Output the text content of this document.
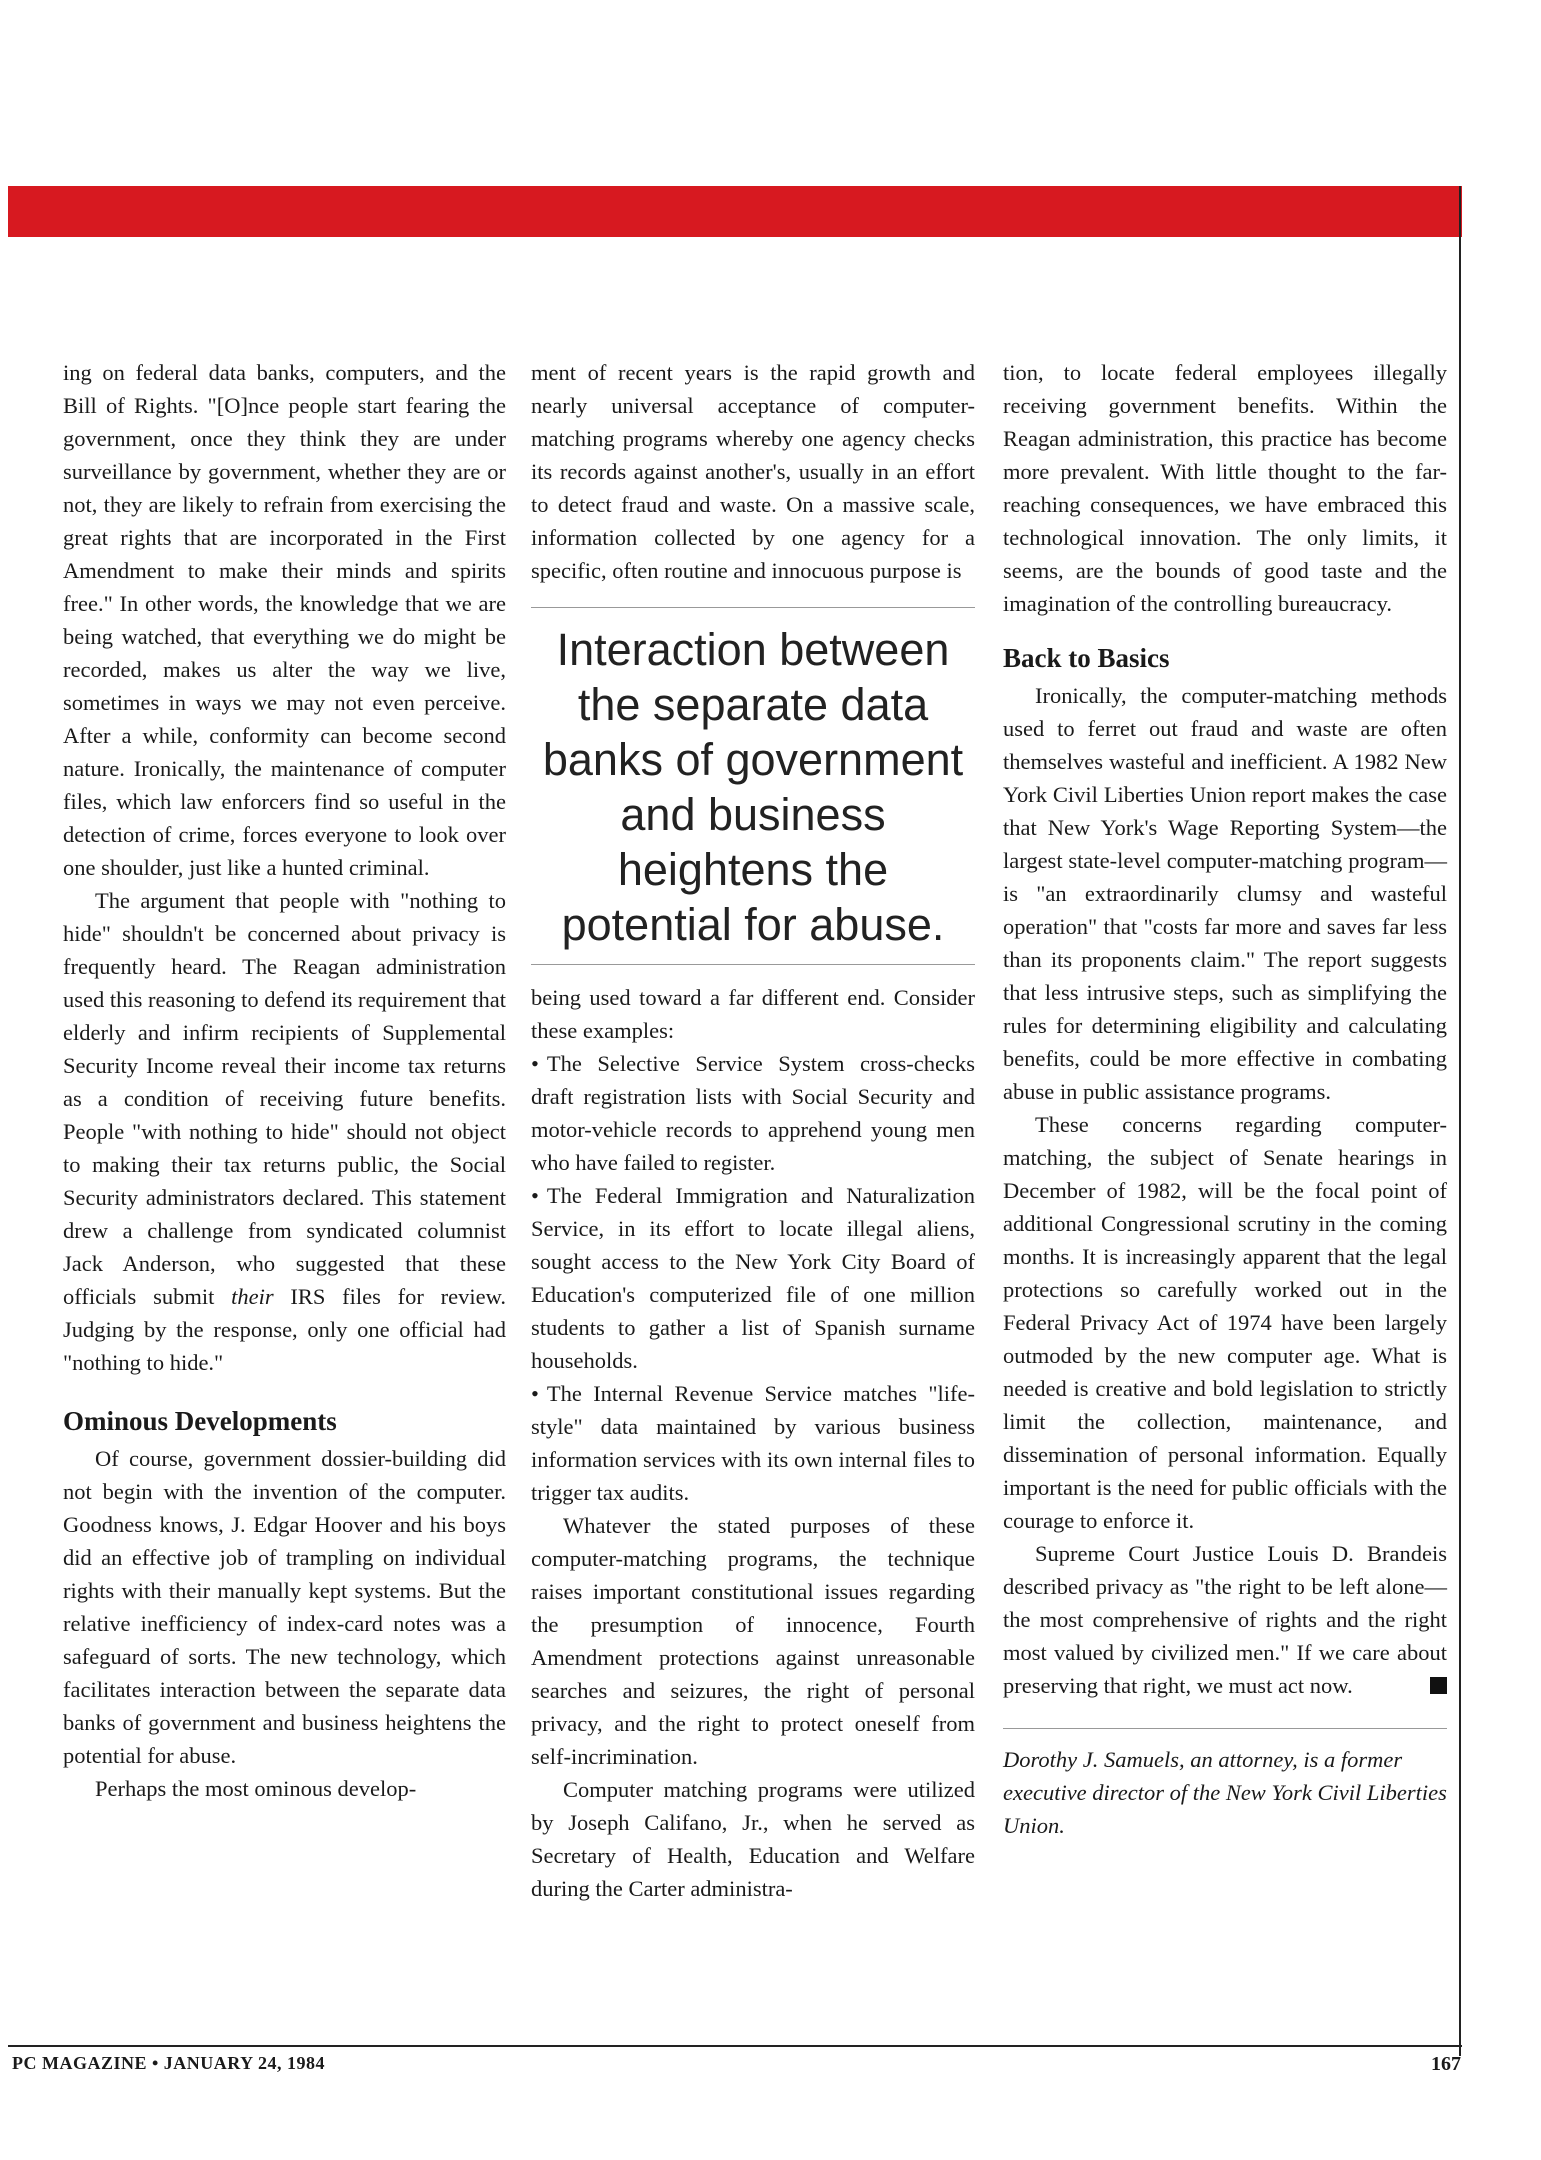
ing on federal data banks, computers, and the Bill of Rights. "[O]nce people start fearing the government, once they think they are under surveillance by government, whether they are or not, they are likely to refrain from exercising the great rights that are incorporated in the First Amendment to make their minds and spirits free." In other words, the knowledge that we are being watched, that everything we do might be recorded, makes us alter the way we live, sometimes in ways we may not even perceive. After a while, conformity can become second nature. Ironically, the maintenance of computer files, which law enforcers find so useful in the detection of crime, forces everyone to look over one shoulder, just like a hunted criminal.

The argument that people with "nothing to hide" shouldn't be concerned about privacy is frequently heard. The Reagan administration used this reasoning to defend its requirement that elderly and infirm recipients of Supplemental Security Income reveal their income tax returns as a condition of receiving future benefits. People "with nothing to hide" should not object to making their tax returns public, the Social Security administrators declared. This statement drew a challenge from syndicated columnist Jack Anderson, who suggested that these officials submit their IRS files for review. Judging by the response, only one official had "nothing to hide."

Ominous Developments

Of course, government dossier-building did not begin with the invention of the computer. Goodness knows, J. Edgar Hoover and his boys did an effective job of trampling on individual rights with their manually kept systems. But the relative inefficiency of index-card notes was a safeguard of sorts. The new technology, which facilitates interaction between the separate data banks of government and business heightens the potential for abuse.

Perhaps the most ominous develop-

ment of recent years is the rapid growth and nearly universal acceptance of computer-matching programs whereby one agency checks its records against another's, usually in an effort to detect fraud and waste. On a massive scale, information collected by one agency for a specific, often routine and innocuous purpose is

Interaction between the separate data banks of government and business heightens the potential for abuse.

being used toward a far different end. Consider these examples:

• The Selective Service System cross-checks draft registration lists with Social Security and motor-vehicle records to apprehend young men who have failed to register.

• The Federal Immigration and Naturalization Service, in its effort to locate illegal aliens, sought access to the New York City Board of Education's computerized file of one million students to gather a list of Spanish surname households.

• The Internal Revenue Service matches "life-style" data maintained by various business information services with its own internal files to trigger tax audits.

Whatever the stated purposes of these computer-matching programs, the technique raises important constitutional issues regarding the presumption of innocence, Fourth Amendment protections against unreasonable searches and seizures, the right of personal privacy, and the right to protect oneself from self-incrimination.

Computer matching programs were utilized by Joseph Califano, Jr., when he served as Secretary of Health, Education and Welfare during the Carter administra-

tion, to locate federal employees illegally receiving government benefits. Within the Reagan administration, this practice has become more prevalent. With little thought to the far-reaching consequences, we have embraced this technological innovation. The only limits, it seems, are the bounds of good taste and the imagination of the controlling bureaucracy.

Back to Basics

Ironically, the computer-matching methods used to ferret out fraud and waste are often themselves wasteful and inefficient. A 1982 New York Civil Liberties Union report makes the case that New York's Wage Reporting System—the largest state-level computer-matching program—is "an extraordinarily clumsy and wasteful operation" that "costs far more and saves far less than its proponents claim." The report suggests that less intrusive steps, such as simplifying the rules for determining eligibility and calculating benefits, could be more effective in combating abuse in public assistance programs.

These concerns regarding computer-matching, the subject of Senate hearings in December of 1982, will be the focal point of additional Congressional scrutiny in the coming months. It is increasingly apparent that the legal protections so carefully worked out in the Federal Privacy Act of 1974 have been largely outmoded by the new computer age. What is needed is creative and bold legislation to strictly limit the collection, maintenance, and dissemination of personal information. Equally important is the need for public officials with the courage to enforce it.

Supreme Court Justice Louis D. Brandeis described privacy as "the right to be left alone—the most comprehensive of rights and the right most valued by civilized men." If we care about preserving that right, we must act now.

Dorothy J. Samuels, an attorney, is a former executive director of the New York Civil Liberties Union.
PC MAGAZINE • JANUARY 24, 1984	167
